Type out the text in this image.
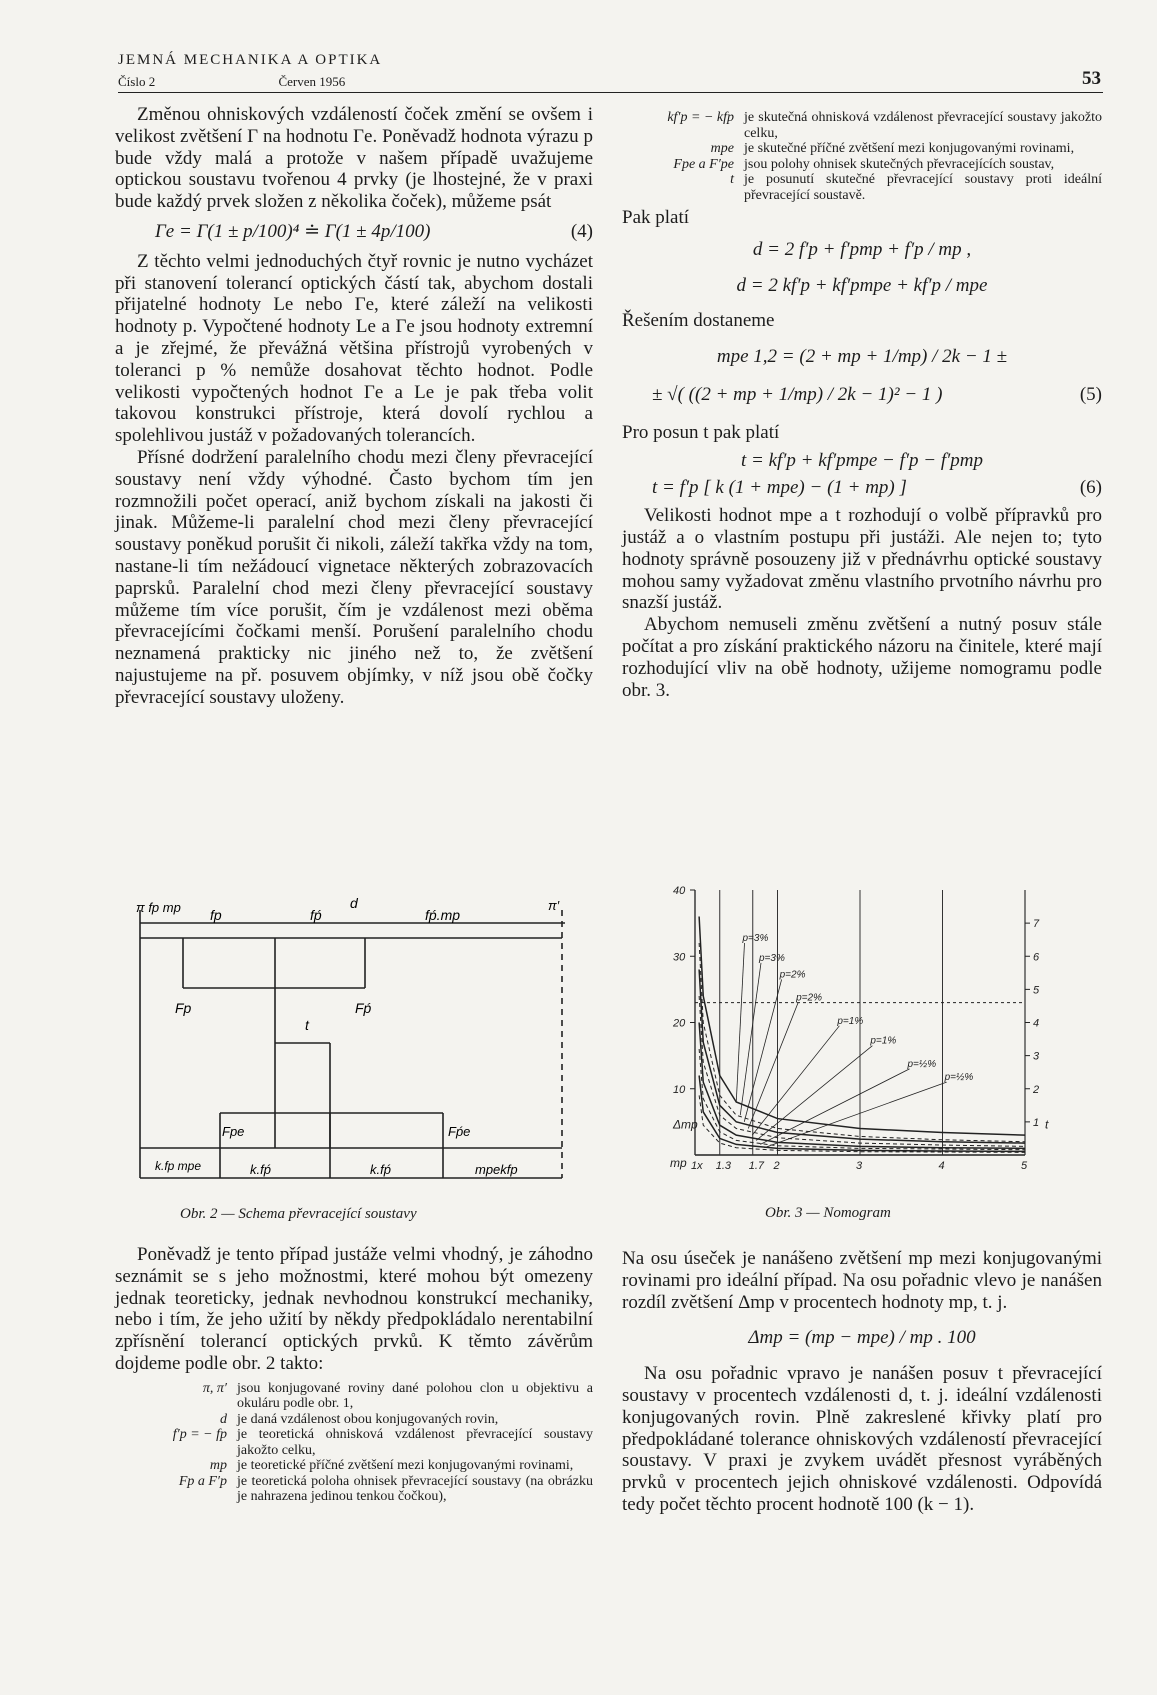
JEMNÁ MECHANIKA A OPTIKA
Číslo 2	Červen 1956	53

Změnou ohniskových vzdáleností čoček změní se ovšem i velikost zvětšení Γ na hodnotu Γe. Poněvadž hodnota výrazu p bude vždy malá a protože v našem případě uvažujeme optickou soustavu tvořenou 4 prvky (je lhostejné, že v praxi bude každý prvek složen z několika čoček), můžeme psát

Γe = Γ(1 ± p/100)⁴ ≐ Γ(1 ± 4p/100)	(4)

Z těchto velmi jednoduchých čtyř rovnic je nutno vycházet při stanovení tolerancí optických částí tak, abychom dostali přijatelné hodnoty Le nebo Γe, které záleží na velikosti hodnoty p. Vypočtené hodnoty Le a Γe jsou hodnoty extremní a je zřejmé, že převážná většina přístrojů vyrobených v toleranci p % nemůže dosahovat těchto hodnot. Podle velikosti vypočtených hodnot Γe a Le je pak třeba volit takovou konstrukci přístroje, která dovolí rychlou a spolehlivou justáž v požadovaných tolerancích.

Přísné dodržení paralelního chodu mezi členy převracející soustavy není vždy výhodné. Často bychom tím jen rozmnožili počet operací, aniž bychom získali na jakosti či jinak. Můžeme-li paralelní chod mezi členy převracející soustavy poněkud porušit či nikoli, záleží takřka vždy na tom, nastane-li tím nežádoucí vignetace některých zobrazovacích paprsků. Paralelní chod mezi členy převracející soustavy můžeme tím více porušit, čím je vzdálenost mezi oběma převracejícími čočkami menší. Porušení paralelního chodu neznamená prakticky nic jiného než to, že zvětšení najustujeme na př. posuvem objímky, v níž jsou obě čočky převracející soustavy uloženy.

π fp mp fp	fṕ
d
fṕ.mp
π′
Fp	Fṕ
t
Fpe	Fṕe
k.fp mpe	k.fṕ	k.fṕ	mpekfp
Obr. 2 — Schema převracející soustavy

Poněvadž je tento případ justáže velmi vhodný, je záhodno seznámit se s jeho možnostmi, které mohou být omezeny jednak teoreticky, jednak nevhodnou konstrukcí mechaniky, nebo i tím, že jeho užití by někdy předpokládalo nerentabilní zpřísnění tolerancí optických prvků. K těmto závěrům dojdeme podle obr. 2 takto:

π, π′ jsou konjugované roviny dané polohou clon u objektivu a okuláru podle obr. 1,
d je daná vzdálenost obou konjugovaných rovin,
f′p = − fp je teoretická ohnisková vzdálenost převracející soustavy jakožto celku,
mp je teoretické příčné zvětšení mezi konjugovanými rovinami,
Fp a F′p je teoretická poloha ohnisek převracející soustavy (na obrázku je nahrazena jedinou tenkou čočkou),
kf′p = − kfp je skutečná ohnisková vzdálenost převracející soustavy jakožto celku,
mpe je skutečné příčné zvětšení mezi konjugovanými rovinami,
Fpe a F′pe jsou polohy ohnisek skutečných převracejících soustav,
t je posunutí skutečné převracející soustavy proti ideální převracející soustavě.

Pak platí

d = 2 f′p + f′pmp + f′p / mp ,
d = 2 kf′p + kf′pmpe + kf′p / mpe

Řešením dostaneme

mpe 1,2 = (2 + mp + 1/mp) / 2k − 1 ±
± √( ((2 + mp + 1/mp) / 2k − 1)² − 1 )	(5)

Pro posun t pak platí

t = kf′p + kf′pmpe − f′p − f′pmp
t = f′p [ k (1 + mpe) − (1 + mp) ]	(6)

Velikosti hodnot mpe a t rozhodují o volbě přípravků pro justáž a o vlastním postupu při justáži. Ale nejen to; tyto hodnoty správně posouzeny již v přednávrhu optické soustavy mohou samy vyžadovat změnu vlastního prvotního návrhu pro snazší justáž.

Abychom nemuseli změnu zvětšení a nutný posuv stále počítat a pro získání praktického názoru na činitele, které mají rozhodující vliv na obě hodnoty, užijeme nomogramu podle obr. 3.

1x 1.3 1.7 2	3	4	5
mp
10
20
30
40
Δmp	1
2
3
4
5
6
7
t
p=3%
p=3%
p=2%
p=2%
p=1%
p=1%
p=½%
p=½%
Obr. 3 — Nomogram

Na osu úseček je nanášeno zvětšení mp mezi konjugovanými rovinami pro ideální případ. Na osu pořadnic vlevo je nanášen rozdíl zvětšení Δmp v procentech hodnoty mp, t. j.

Δmp = (mp − mpe) / mp . 100

Na osu pořadnic vpravo je nanášen posuv t převracející soustavy v procentech vzdálenosti d, t. j. ideální vzdálenosti konjugovaných rovin. Plně zakreslené křivky platí pro předpokládané tolerance ohniskových vzdáleností převracející soustavy. V praxi je zvykem uvádět přesnost vyráběných prvků v procentech jejich ohniskové vzdálenosti. Odpovídá tedy počet těchto procent hodnotě 100 (k − 1).
